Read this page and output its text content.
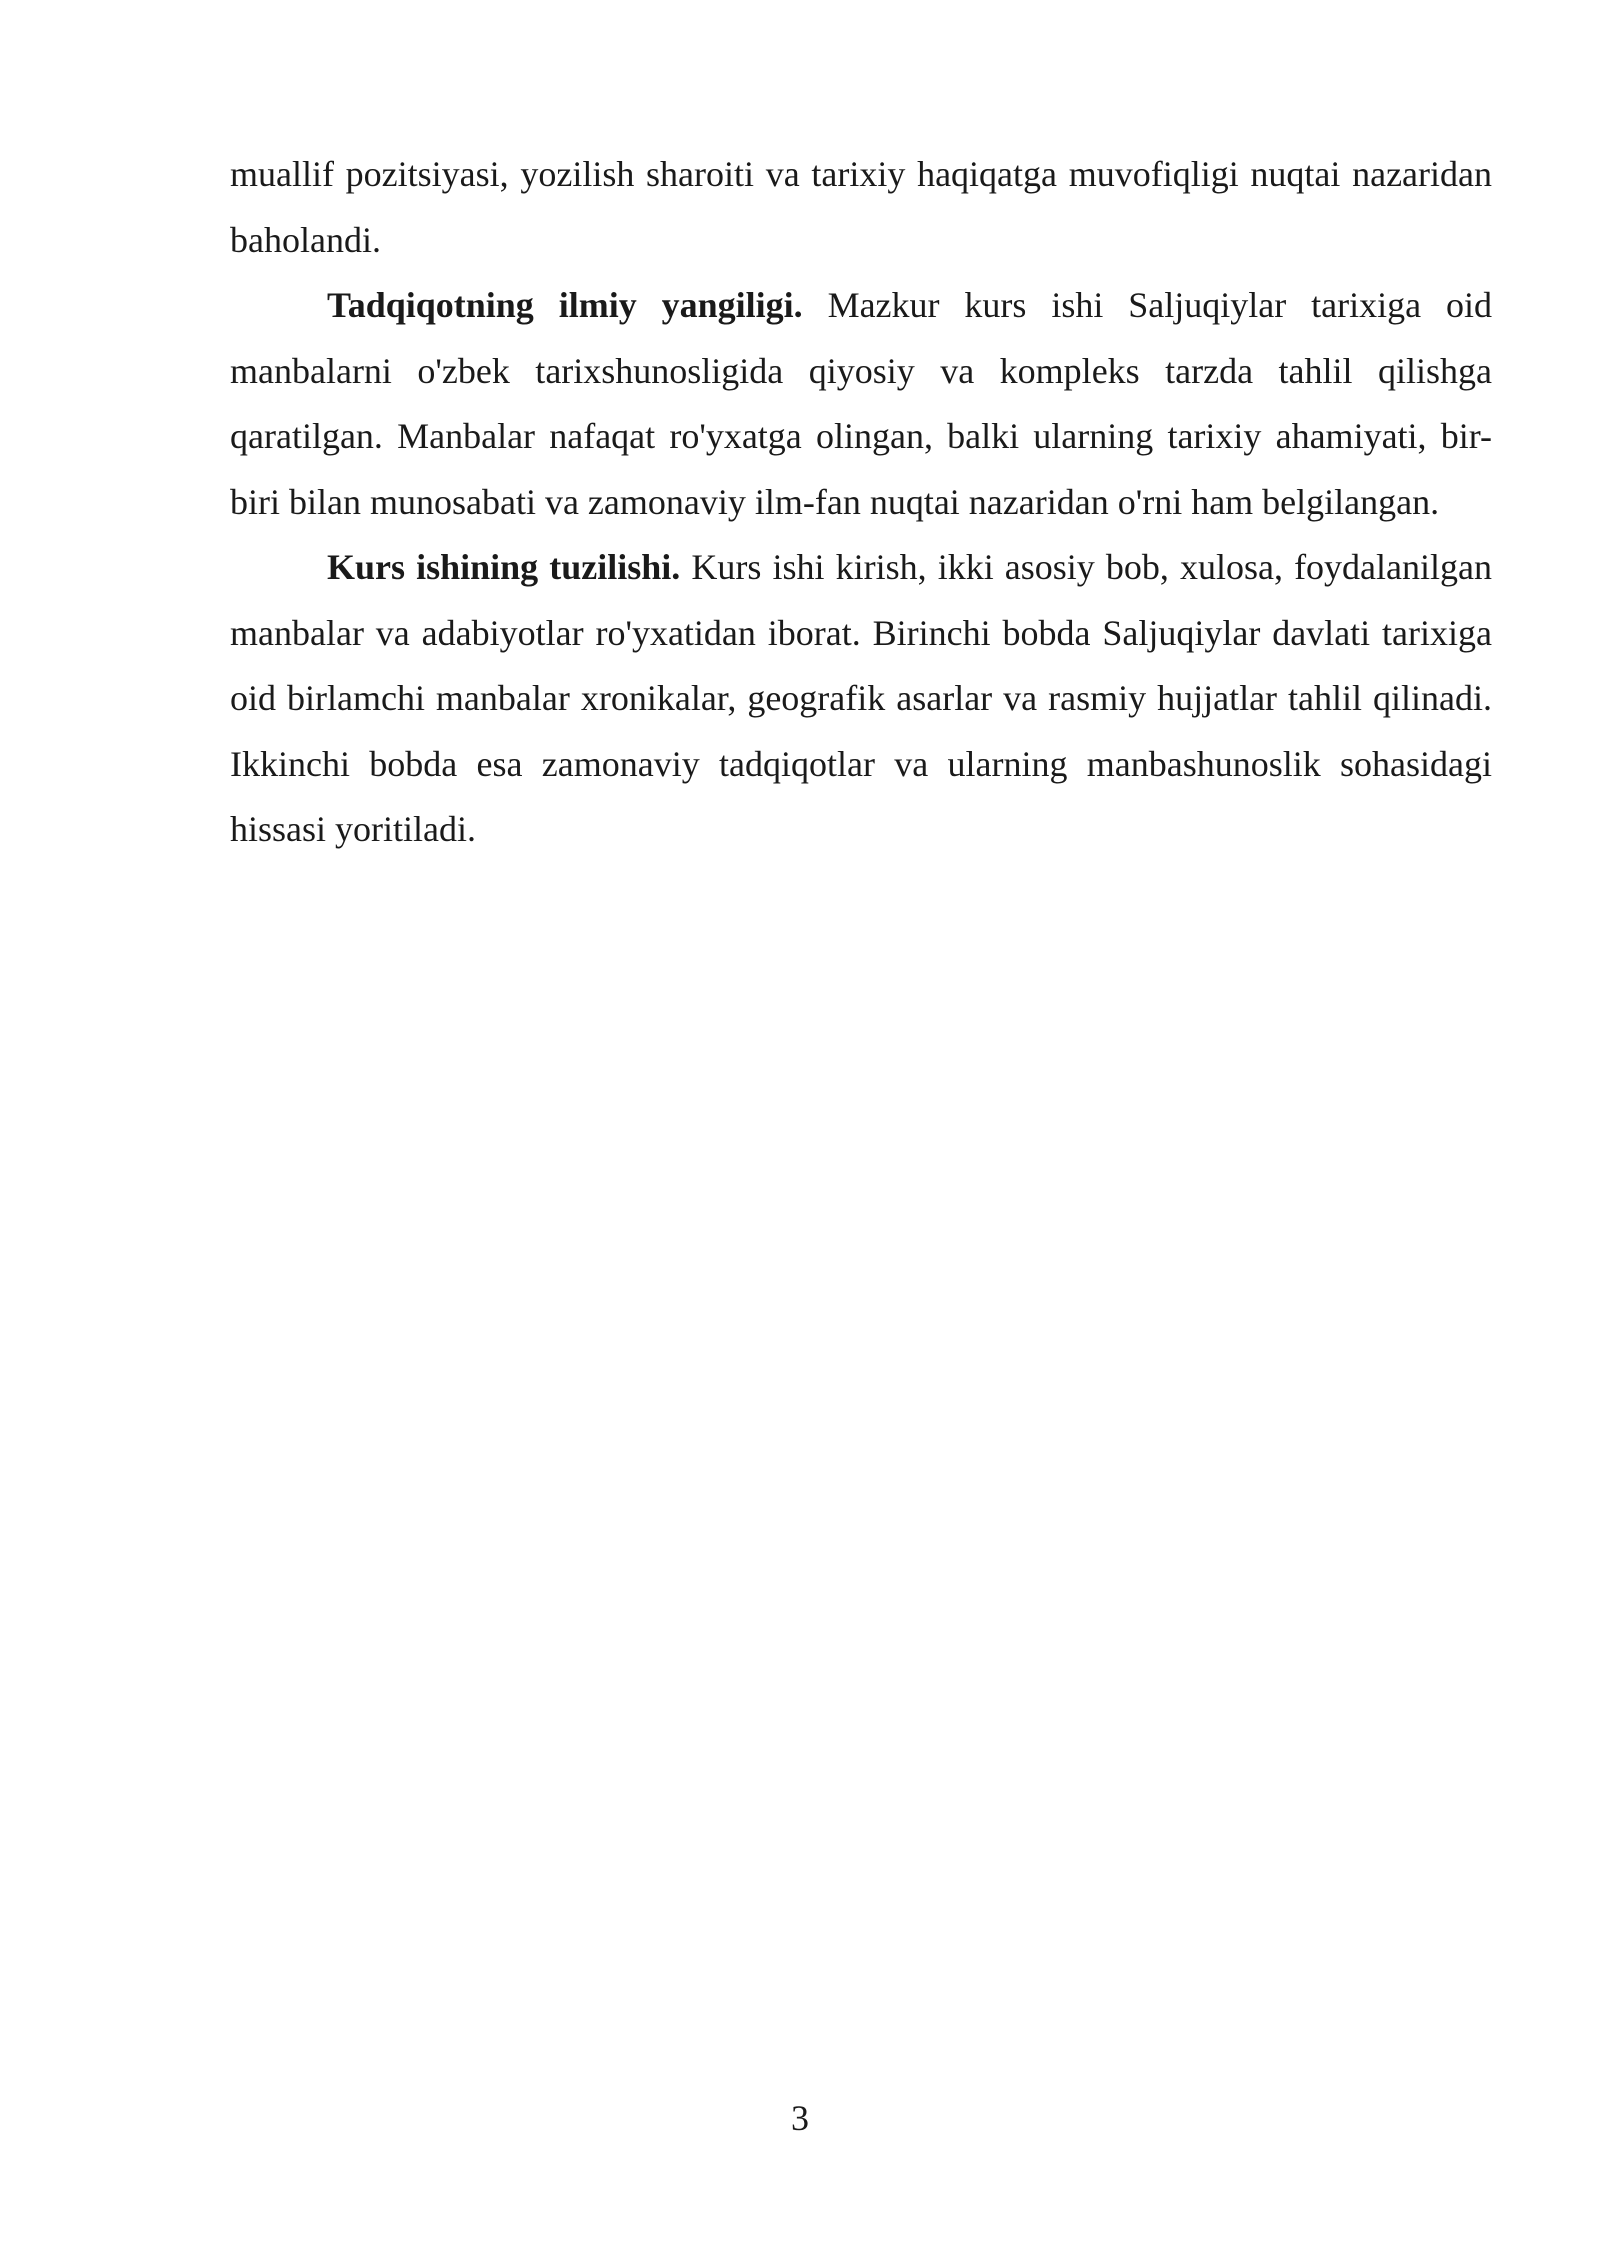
muallif pozitsiyasi, yozilish sharoiti va tarixiy haqiqatga muvofiqligi nuqtai nazaridan baholandi.

Tadqiqotning ilmiy yangiligi. Mazkur kurs ishi Saljuqiylar tarixiga oid manbalarni o'zbek tarixshunosligida qiyosiy va kompleks tarzda tahlil qilishga qaratilgan. Manbalar nafaqat ro'yxatga olingan, balki ularning tarixiy ahamiyati, bir-biri bilan munosabati va zamonaviy ilm-fan nuqtai nazaridan o'rni ham belgilangan.

Kurs ishining tuzilishi. Kurs ishi kirish, ikki asosiy bob, xulosa, foydalanilgan manbalar va adabiyotlar ro'yxatidan iborat. Birinchi bobda Saljuqiylar davlati tarixiga oid birlamchi manbalar xronikalar, geografik asarlar va rasmiy hujjatlar tahlil qilinadi. Ikkinchi bobda esa zamonaviy tadqiqotlar va ularning manbashunoslik sohasidagi hissasi yoritiladi.

3
